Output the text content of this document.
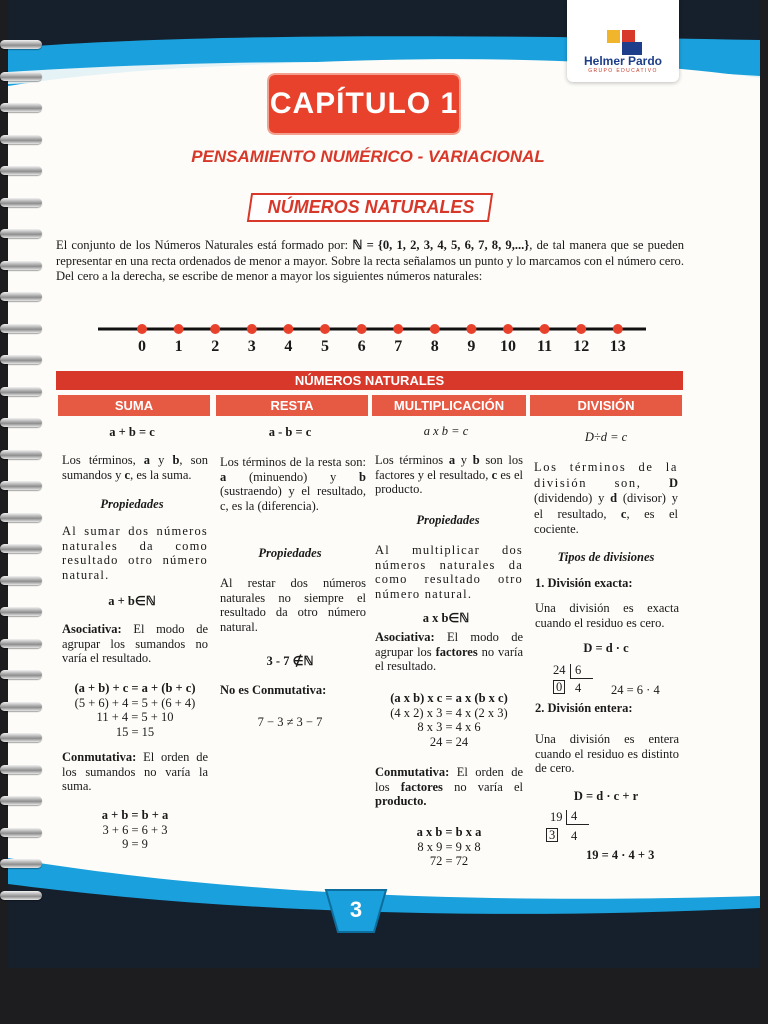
CAPÍTULO 1
PENSAMIENTO NUMÉRICO - VARIACIONAL
NÚMEROS NATURALES
El conjunto de los Números Naturales está formado por: ℕ = {0, 1, 2, 3, 4, 5, 6, 7, 8, 9,...}, de tal manera que se pueden representar en una recta ordenados de menor a mayor. Sobre la recta señalamos un punto y lo marcamos con el número cero. Del cero a la derecha, se escribe de menor a mayor los siguientes números naturales:
0	1	2	3	4	5	6	7	8	9	10	11	12	13
NÚMEROS NATURALES
SUMA	RESTA	MULTIPLICACIÓN	DIVISIÓN
a + b = c
Los términos, a y b, son sumandos y c, es la suma.
Propiedades
Al sumar dos números naturales da como resultado otro número natural.
a + b∈ℕ
Asociativa: El modo de agrupar los sumandos no varía el resultado.
(a + b) + c = a + (b + c)
(5 + 6) + 4 = 5 + (6 + 4)
11 + 4 = 5 + 10
15 = 15
Conmutativa: El orden de los sumandos no varía la suma.
a + b = b + a
3 + 6 = 6 + 3
9 = 9
a - b = c
Los términos de la resta son: a (minuendo) y b (sustraendo) y el resultado, c, es la (diferencia).
Propiedades
Al restar dos números naturales no siempre el resultado da otro número natural.
3 - 7 ∉ℕ
No es Conmutativa:
7 − 3 ≠ 3 − 7
a x b = c
Los términos a y b son los factores y el resultado, c es el producto.
Propiedades
Al multiplicar dos números naturales da como resultado otro número natural.
a x b∈ℕ
Asociativa: El modo de agrupar los factores no varía el resultado.
(a x b) x c = a x (b x c)
(4 x 2) x 3 = 4 x (2 x 3)
8 x 3 = 4 x 6
24 = 24
Conmutativa: El orden de los factores no varía el producto.
a x b = b x a
8 x 9 = 9 x 8
72 = 72
D÷d = c
Los términos de la división son, D (dividendo) y d (divisor) y el resultado, c, es el cociente.
Tipos de divisiones
1. División exacta:
Una división es exacta cuando el residuo es cero.
D = d · c
24 6
0 4 24 = 6 · 4
2. División entera:
Una división es entera cuando el residuo es distinto de cero.
D = d · c + r
19 4
3 4
19 = 4 · 4 + 3
3
Helmer Pardo
GRUPO EDUCATIVO
